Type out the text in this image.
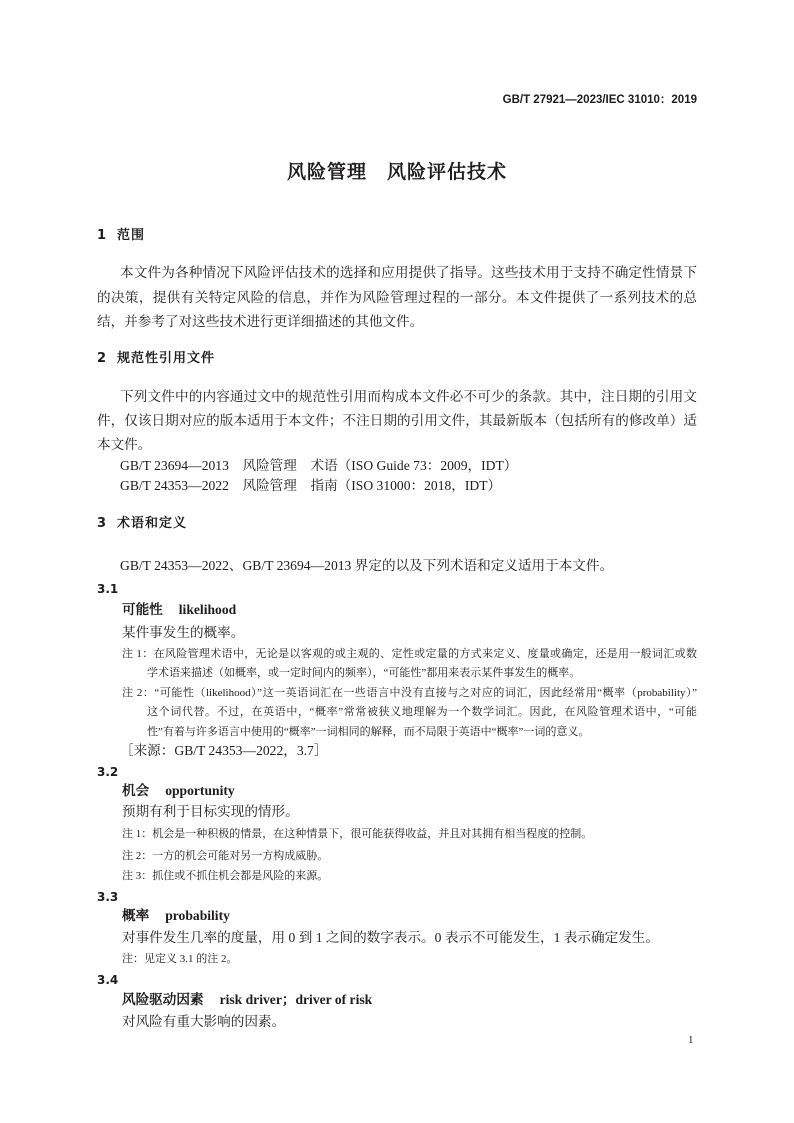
GB/T 27921—2023/IEC 31010：2019
风险管理　风险评估技术
1 范围
本文件为各种情况下风险评估技术的选择和应用提供了指导。这些技术用于支持不确定性情景下
的决策，提供有关特定风险的信息，并作为风险管理过程的一部分。本文件提供了一系列技术的总
结，并参考了对这些技术进行更详细描述的其他文件。
2 规范性引用文件
下列文件中的内容通过文中的规范性引用而构成本文件必不可少的条款。其中，注日期的引用文
件，仅该日期对应的版本适用于本文件；不注日期的引用文件，其最新版本（包括所有的修改单）适
本文件。
GB/T 23694—2013　风险管理　术语（ISO Guide 73：2009，IDT）
GB/T 24353—2022　风险管理　指南（ISO 31000：2018，IDT）
3 术语和定义
GB/T 24353—2022、GB/T 23694—2013 界定的以及下列术语和定义适用于本文件。
3.1
可能性 likelihood
某件事发生的概率。
注 1：在风险管理术语中，无论是以客观的或主观的、定性或定量的方式来定义、度量或确定，还是用一般词汇或数
学术语来描述（如概率，或一定时间内的频率），“可能性”都用来表示某件事发生的概率。
注 2：“可能性（likelihood）”这一英语词汇在一些语言中没有直接与之对应的词汇，因此经常用“概率（probability）”
这个词代替。不过，在英语中，“概率”常常被狭义地理解为一个数学词汇。因此，在风险管理术语中，“可能
性”有着与许多语言中使用的“概率”一词相同的解释，而不局限于英语中“概率”一词的意义。
［来源：GB/T 24353—2022，3.7］
3.2
机会 opportunity
预期有利于目标实现的情形。
注 1：机会是一种积极的情景，在这种情景下，很可能获得收益，并且对其拥有相当程度的控制。
注 2：一方的机会可能对另一方构成威胁。
注 3：抓住或不抓住机会都是风险的来源。
3.3
概率 probability
对事件发生几率的度量，用 0 到 1 之间的数字表示。0 表示不可能发生，1 表示确定发生。
注：见定义 3.1 的注 2。
3.4
风险驱动因素 risk driver；driver of risk
对风险有重大影响的因素。
1
